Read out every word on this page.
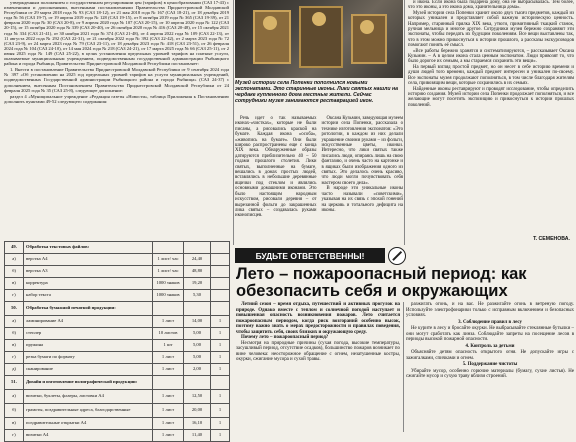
утвержденным положением о государственном регулировании цен (тарифов) в ценообразовании (САЗ 17-43) с изменениями и дополнениями, внесенными постановлениями Правительства Приднестровской Молдавской Республики от 29 марта 2018 года № 93 (САЗ 18-12), от 21 мая 2018 года № 167 (САЗ 18-21), от 18 декабря 2019 года № 56 (САЗ 19-7), от 19 апреля 2019 года № 128 (САЗ 19-15), от 8 октября 2019 года № 365 (САЗ 19-39), от 21 февраля 2020 года № 30 (САЗ 20-8), от 9 апреля 2020 года № 107 (САЗ 20-15), от 10 апреля 2020 года № 122 (САЗ 20-15), от 15 октября 2020 года № 339 (САЗ 20-40), от 26 октября 2020 года № 416 (САЗ 20-48), от 15 октября 2021 года № 334 (САЗ 21-41), от 30 ноября 2021 года № 374 (САЗ 21-48), от 4 апреля 2022 года № 109 (САЗ 22-13), от 11 августа 2022 года № 292 (САЗ 22-31), от 21 октября 2022 года № 392 (САЗ 22-42), от 2 марта 2023 года № 72 (САЗ 23-9), от 24 марта 2023 года № 79 (САЗ 23-11), от 18 декабря 2023 года № 418 (САЗ 23-51), от 26 февраля 2024 года № 104 (САЗ 24-10), от 14 мая 2024 года № 218 (САЗ 24-21), от 17 марта 2025 года № 66 (САЗ 25-11), от 2 июня 2025 года № 149 (САЗ 25-22), в целях установления предельных уровней тарифов на платные услуги, оказываемые муниципальным учреждением, подведомственным государственной администрации Рыбницкого района и города Рыбница, Правительство Приднестровской Молдавской Республики постановляет:

1. Внести в постановление Правительства Приднестровской Молдавской Республики от 9 сентября 2024 года № 397 «Об установлении на 2025 год предельных уровней тарифов на услуги муниципальных учреждений, подведомственных Государственной администрации Рыбницкого района и города Рыбница» (САЗ 24-37) с дополнением, внесенным Постановлением Правительства Приднестровской Молдавской Республики от 24 февраля 2025 года № 35 (САЗ 25-8), следующее дополнение:

раздел 4 «Муниципальное учреждение «Редакция газеты «Новости», таблица Приложения к Постановлению дополнить пунктами 49-52 следующего содержания:

49.	Обработка текстовых файлов:			
а)	верстка А4	1 лист/ час	24,40	
б)	верстка А3	1 лист/ час	48,80	
в)	корректура	1000 знаков	19,20	
г)	набор текста	1000 знаков	5,30	
50.	Обработка бумажной печатной продукции:			
а)	ламинирование А4	1 лист	14,00	1
б)	степлер	10 листов	5,00	1
в)	пружина	1 шт	5,00	1
г)	резка бумаги по формату	1 лист	5,00	1
д)	сканирование	1 лист	2,00	1
51.	Дизайн и изготовление полиграфической продукции:			
а)	визитки, буклеты, флаеры, листовки А4	1 лист	12,50	1
б)	грамоты, поздравительные адреса, благодарственные	1 лист	20,00	1
в)	поздравительные открытки А4	1 лист	16,10	1
г)	визитки А4	1 лист	11,40	1
Музей истории села Попенки пополнился новыми экспонатами. Это старинные иконы. Лики святых нашли на чердаке купленного дома местные жители. Сейчас сотрудники музея занимаются реставрацией икон.

Речь идет о так называемых иконах-«чистках», которые не были писаны, а рисовались краской на бумаге. Каждая икона «особа», «живопись на бумаге». Они были широко распространены еще с конца XIX века. Обнаруженные образы датируются приблизительно 40 – 50 годами прошлого столетия. Лики святых, выполненные на бумаге, вешались в домах простых людей, вставлялись в небольшие деревянные ящички под стеклом и являлись основными домашними иконами. Это было настоящим народным искусством, рисовали деревня – от вырезанной фольги до закрашенных лика святых – создавалась руками иконописцев.

Оксана Кузьмин, заведующая музеем истории села Попенки, рассказала о технике изготовления экспонатов: «Это ротологии, в каждом из них делали украшение своими руками – из фольги, искусственные цветы, иконки. Интересно, что лики святых также писались люди, опираясь лишь на свою фантазию, и очень часто на картонке и в ящиках были изображения одного из святых. Это делалось очень красиво, что люди могли почувствовать себя мастером своего дела».

В народе эти уникальные иконы часто называли «советскими», указывая на их связь с эпохой гонений на церковь и тотального дефицита на иконы.

и икона. Если икона была подарена дому, она не выбрасывалась. Тем более, что это иконы, а это икона дома, хранительница дома».

Музей истории села Попенки хранит около двух тысяч предметов, каждый из которых уникален и представляет собой важную историческую ценность. Например, старинный прялка XIX века, утюги, примитивный ткацкий станок, ручная мельница и многое другое. Сотрудники музея бережно сохраняют эти экспонаты, чтобы передать их будущим поколениям. Все вещи выставлены так, что в этом можно прикоснуться к истории прошлого, а рассказы экскурсоводов помогают понять её смысл.

«Все работы бережно хранятся и систематизируются, – рассказывает Оксана Кузьмин. – А в целом икона стала ценным экспонатом. Люди привозят то, что было дорогое их семьям, а мы стараемся сохранить эти вещи».

На первый взгляд простой предмет, но он несет в себе историю времени и души людей того времени, каждый предмет интересен и уникален по-своему. Все экспонаты музея продолжают пополняться, в том числе благодаря жителям села, привозящим вещи, которые сохранились в их семьях.

Найденные иконы реставрируют и проводят исследование, чтобы определить историю создания. Музей истории села Попенки продолжает пополняться, и все желающие могут посетить экспозицию и прикоснуться к истории прошлых поколений.

Т. СЕМЕНОВА.
БУДЬТЕ ОТВЕТСТВЕННЫ!
Лето – пожароопасный период: как обезопасить себя и окружающих

Летний сезон – время отдыха, путешествий и активных прогулок на природе. Однако вместе с теплом и солнечной погодой наступает и повышенная опасность возникновения пожаров. Лето считается пожароопасным периодом, когда риск возгораний особенно высок, поэтому важно знать о мерах предосторожности и правилах поведения, чтобы защитить себя, своих близких и окружающую среду.

Почему лето – пожароопасный период?

Несмотря на природные причины (сухая погода, высокие температуры, засушливый период, отсутствие осадков), большинство пожаров возникает по вине человека: неосторожное обращение с огнем, незатушенные костры, окурки, сжигание мусора и сухой травы.

разжигать огонь, и на вас. Не разжигайте огонь в ветреную погоду. Используйте электрофонарики только с исправным включением и безопасных условиях.

3. Соблюдение правил в лесу

Не курите в лесу и бросайте окурки. Не выбрасывайте стеклянные бутылки – они могут сработать как линза. Соблюдайте запреты на посещение лесов в периоды высокой пожарной опасности.

4. Контроль за детьми

Объясняйте детям опасность открытого огня. Не допускайте игры с зажигалками, спичками и огнем.

5. Поддержание чистоты

Убирайте мусор, особенно горючие материалы (бумагу, сухие листья). Не сжигайте мусор и сухую траву вблизи строений.
